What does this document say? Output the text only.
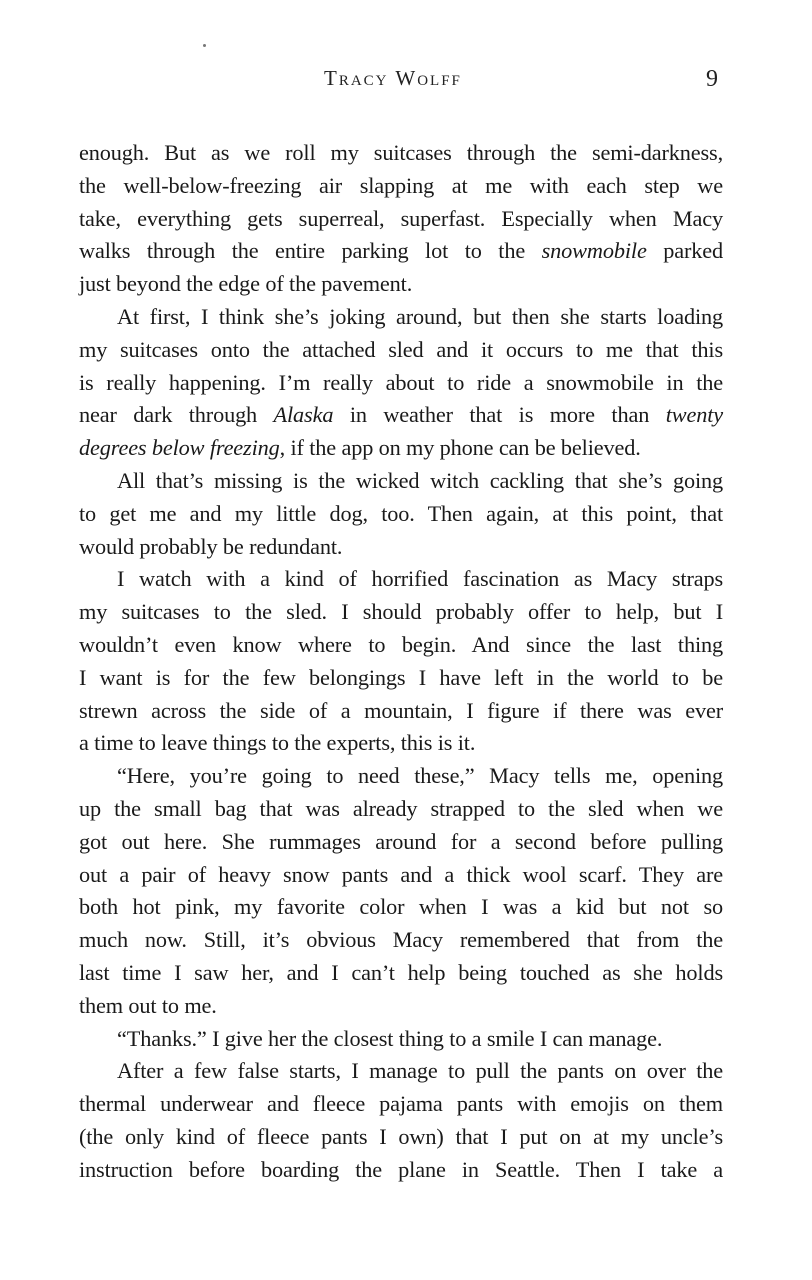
Tracy Wolff	9
enough. But as we roll my suitcases through the semi-darkness,
the well-below-freezing air slapping at me with each step we
take, everything gets superreal, superfast. Especially when Macy
walks through the entire parking lot to the snowmobile parked
just beyond the edge of the pavement.
At first, I think she’s joking around, but then she starts loading
my suitcases onto the attached sled and it occurs to me that this
is really happening. I’m really about to ride a snowmobile in the
near dark through Alaska in weather that is more than twenty
degrees below freezing, if the app on my phone can be believed.
All that’s missing is the wicked witch cackling that she’s going
to get me and my little dog, too. Then again, at this point, that
would probably be redundant.
I watch with a kind of horrified fascination as Macy straps
my suitcases to the sled. I should probably offer to help, but I
wouldn’t even know where to begin. And since the last thing
I want is for the few belongings I have left in the world to be
strewn across the side of a mountain, I figure if there was ever
a time to leave things to the experts, this is it.
“Here, you’re going to need these,” Macy tells me, opening
up the small bag that was already strapped to the sled when we
got out here. She rummages around for a second before pulling
out a pair of heavy snow pants and a thick wool scarf. They are
both hot pink, my favorite color when I was a kid but not so
much now. Still, it’s obvious Macy remembered that from the
last time I saw her, and I can’t help being touched as she holds
them out to me.
“Thanks.” I give her the closest thing to a smile I can manage.
After a few false starts, I manage to pull the pants on over the
thermal underwear and fleece pajama pants with emojis on them
(the only kind of fleece pants I own) that I put on at my uncle’s
instruction before boarding the plane in Seattle. Then I take a
